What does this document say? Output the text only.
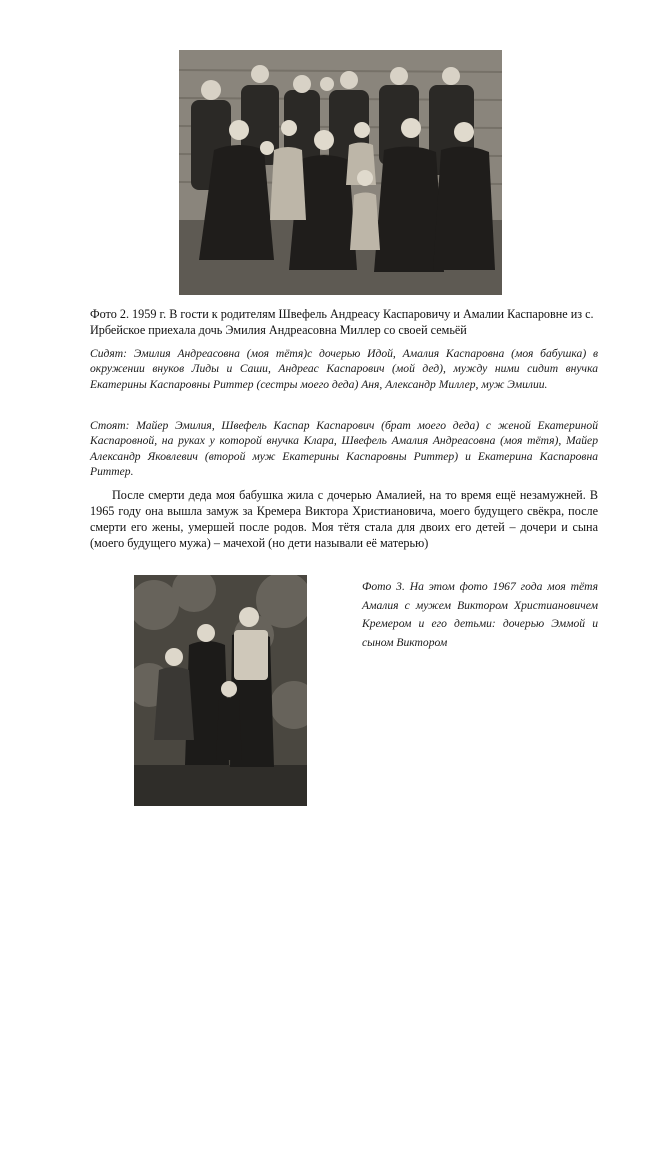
Фото 2. 1959 г. В гости к родителям Швефель Андреасу Каспаровичу и Амалии Каспаровне из с. Ирбейское приехала дочь Эмилия Андреасовна Миллер со своей семьёй

Сидят: Эмилия Андреасовна (моя тётя)с дочерью Идой, Амалия Каспаровна (моя бабушка) в окружении внуков Лиды и Саши, Андреас Каспарович (мой дед), мужду ними сидит внучка Екатерины Каспаровны Риттер (сестры моего деда) Аня, Александр Миллер, муж Эмилии.

Стоят: Майер Эмилия, Швефель Каспар Каспарович (брат моего деда) с женой Екатериной Каспаровной, на руках у которой внучка Клара, Швефель Амалия Андреасовна (моя тётя), Майер Александр Яковлевич (второй муж Екатерины Каспаровны Риттер) и Екатерина Каспаровна Риттер.

После смерти деда моя бабушка жила с дочерью Амалией, на то время ещё незамужней. В 1965 году она вышла замуж за Кремера Виктора Христиановича, моего будущего свёкра, после смерти его жены, умершей после родов. Моя тётя стала для двоих его детей – дочери и сына (моего будущего мужа) – мачехой (но дети называли её матерью)

Фото 3. На этом фото 1967 года моя тётя Амалия с мужем Виктором Христиановичем Кремером и его детьми: дочерью Эммой и сыном Виктором
